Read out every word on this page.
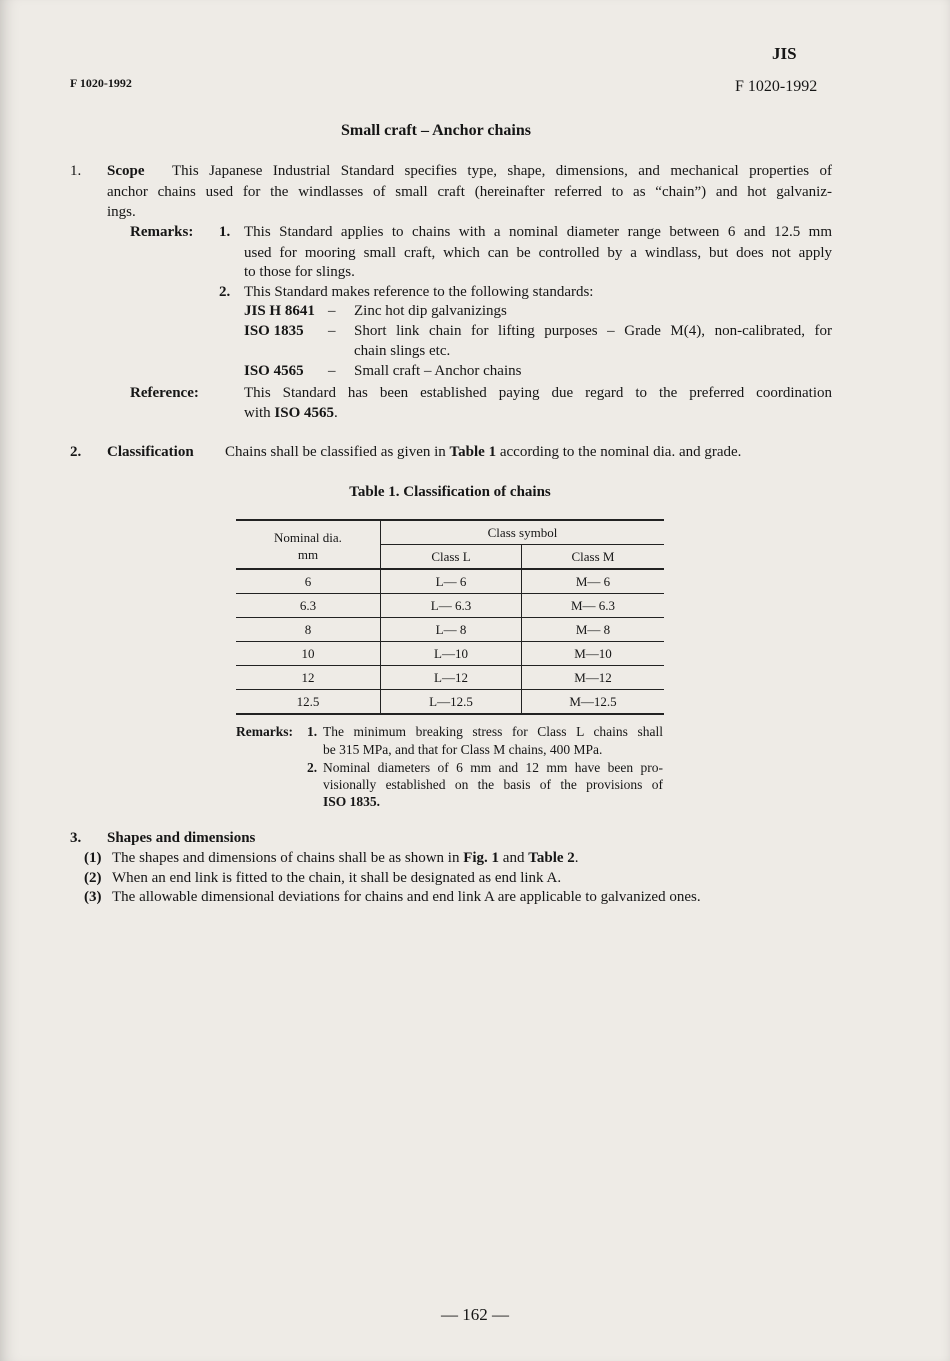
F 1020-1992
JIS
F 1020-1992
Small craft – Anchor chains
1. Scope This Japanese Industrial Standard specifies type, shape, dimensions, and mechanical properties of
anchor chains used for the windlasses of small craft (hereinafter referred to as “chain”) and hot galvaniz-
ings.
Remarks: 1. This Standard applies to chains with a nominal diameter range between 6 and 12.5 mm
used for mooring small craft, which can be controlled by a windlass, but does not apply
to those for slings.
2. This Standard makes reference to the following standards:
JIS H 8641 – Zinc hot dip galvanizings
ISO 1835 – Short link chain for lifting purposes – Grade M(4), non-calibrated, for
chain slings etc.
ISO 4565 – Small craft – Anchor chains
Reference:	This Standard has been established paying due regard to the preferred coordination
with ISO 4565.
2. Classification Chains shall be classified as given in Table 1 according to the nominal dia. and grade.
Table 1. Classification of chains
Nominal dia.
mm	Class symbol	
	Class L	Class M
6	L— 6	M— 6
6.3	L— 6.3	M— 6.3
8	L— 8	M— 8
10	L—10	M—10
12	L—12	M—12
12.5	L—12.5	M—12.5
Remarks: 1. The minimum breaking stress for Class L chains shall
be 315 MPa, and that for Class M chains, 400 MPa.
2. Nominal diameters of 6 mm and 12 mm have been pro-
visionally established on the basis of the provisions of
ISO 1835.
3. Shapes and dimensions
(1) The shapes and dimensions of chains shall be as shown in Fig. 1 and Table 2.
(2) When an end link is fitted to the chain, it shall be designated as end link A.
(3) The allowable dimensional deviations for chains and end link A are applicable to galvanized ones.
— 162 —
